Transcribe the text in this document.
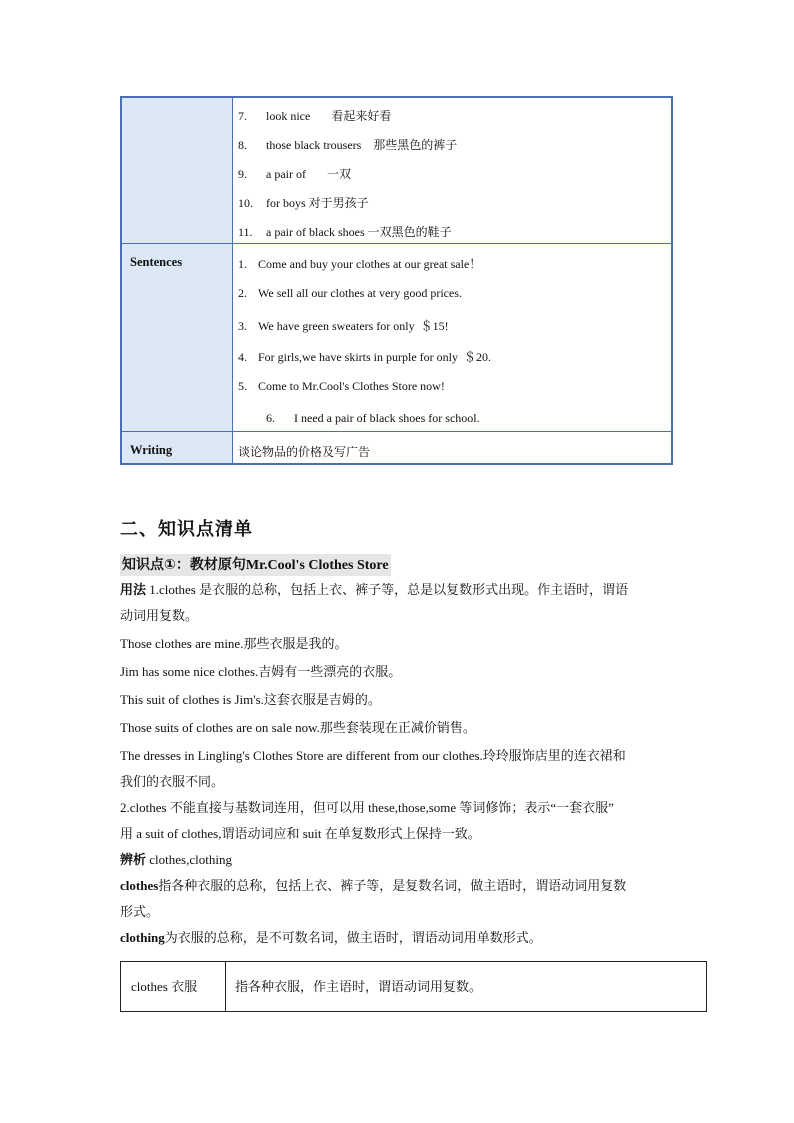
7. look nice       看起来好看
8. those black trousers    那些黑色的裤子
9. a pair of       一双
10. for boys 对于男孩子
11. a pair of black shoes 一双黑色的鞋子
Sentences	1. Come and buy your clothes at our great sale！
2. We sell all our clothes at very good prices.
3. We have green sweaters for only  ＄15!
4. For girls,we have skirts in purple for only  ＄20.
5. Come to Mr.Cool's Clothes Store now!
6. I need a pair of black shoes for school.
Writing	谈论物品的价格及写广告
二、知识点清单
知识点①：教材原句Mr.Cool's Clothes Store
用法 1.clothes 是衣服的总称，包括上衣、裤子等，总是以复数形式出现。作主语时，谓语
动词用复数。
Those clothes are mine.那些衣服是我的。
Jim has some nice clothes.吉姆有一些漂亮的衣服。
This suit of clothes is Jim's.这套衣服是吉姆的。
Those suits of clothes are on sale now.那些套装现在正减价销售。
The dresses in Lingling's Clothes Store are different from our clothes.玲玲服饰店里的连衣裙和
我们的衣服不同。
2.clothes 不能直接与基数词连用，但可以用 these,those,some 等词修饰；表示“一套衣服”
用 a suit of clothes,谓语动词应和 suit 在单复数形式上保持一致。
辨析 clothes,clothing
clothes指各种衣服的总称，包括上衣、裤子等，是复数名词，做主语时，谓语动词用复数
形式。
clothing为衣服的总称，是不可数名词，做主语时，谓语动词用单数形式。
clothes 衣服	指各种衣服，作主语时，谓语动词用复数。
